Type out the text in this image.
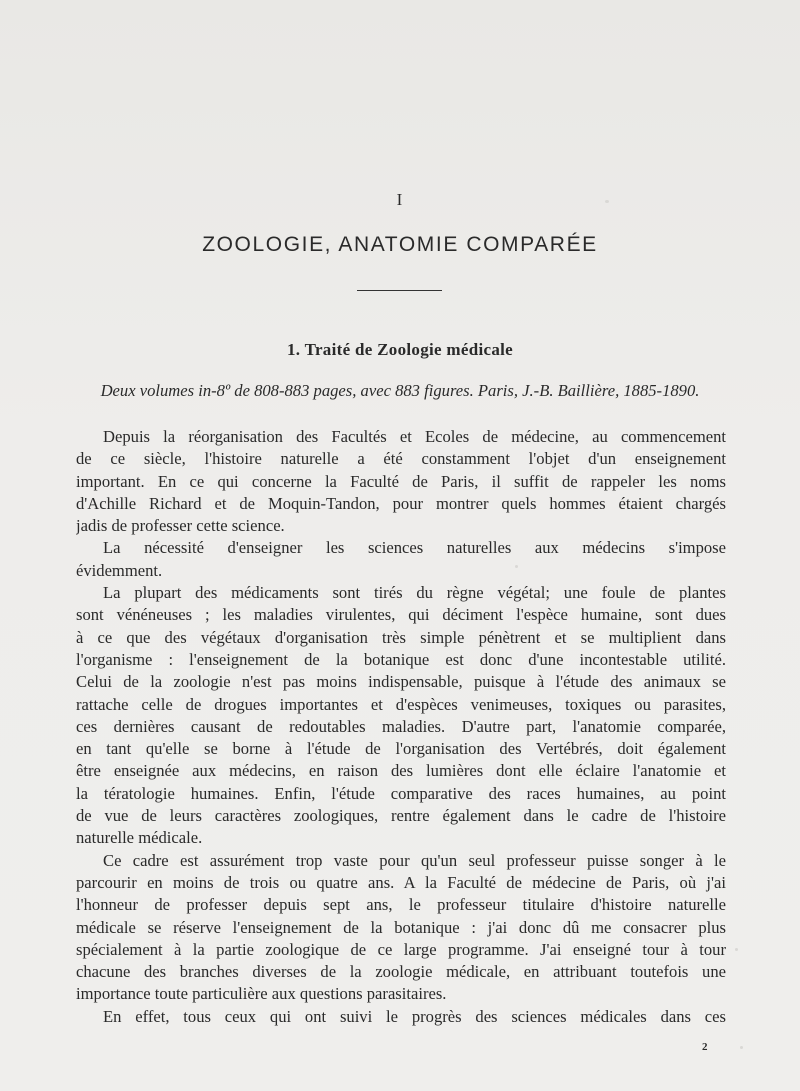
I
ZOOLOGIE, ANATOMIE COMPARÉE
1. Traité de Zoologie médicale
Deux volumes in-8º de 808-883 pages, avec 883 figures. Paris, J.-B. Baillière, 1885-1890.
Depuis la réorganisation des Facultés et Ecoles de médecine, au commencement
de ce siècle, l'histoire naturelle a été constamment l'objet d'un enseignement
important. En ce qui concerne la Faculté de Paris, il suffit de rappeler les noms
d'Achille Richard et de Moquin-Tandon, pour montrer quels hommes étaient chargés
jadis de professer cette science.
La nécessité d'enseigner les sciences naturelles aux médecins s'impose
évidemment.
La plupart des médicaments sont tirés du règne végétal; une foule de plantes
sont vénéneuses ; les maladies virulentes, qui déciment l'espèce humaine, sont dues
à ce que des végétaux d'organisation très simple pénètrent et se multiplient dans
l'organisme : l'enseignement de la botanique est donc d'une incontestable utilité.
Celui de la zoologie n'est pas moins indispensable, puisque à l'étude des animaux se
rattache celle de drogues importantes et d'espèces venimeuses, toxiques ou parasites,
ces dernières causant de redoutables maladies. D'autre part, l'anatomie comparée,
en tant qu'elle se borne à l'étude de l'organisation des Vertébrés, doit également
être enseignée aux médecins, en raison des lumières dont elle éclaire l'anatomie et
la tératologie humaines. Enfin, l'étude comparative des races humaines, au point
de vue de leurs caractères zoologiques, rentre également dans le cadre de l'histoire
naturelle médicale.
Ce cadre est assurément trop vaste pour qu'un seul professeur puisse songer à le
parcourir en moins de trois ou quatre ans. A la Faculté de médecine de Paris, où j'ai
l'honneur de professer depuis sept ans, le professeur titulaire d'histoire naturelle
médicale se réserve l'enseignement de la botanique : j'ai donc dû me consacrer plus
spécialement à la partie zoologique de ce large programme. J'ai enseigné tour à tour
chacune des branches diverses de la zoologie médicale, en attribuant toutefois une
importance toute particulière aux questions parasitaires.
En effet, tous ceux qui ont suivi le progrès des sciences médicales dans ces
2
